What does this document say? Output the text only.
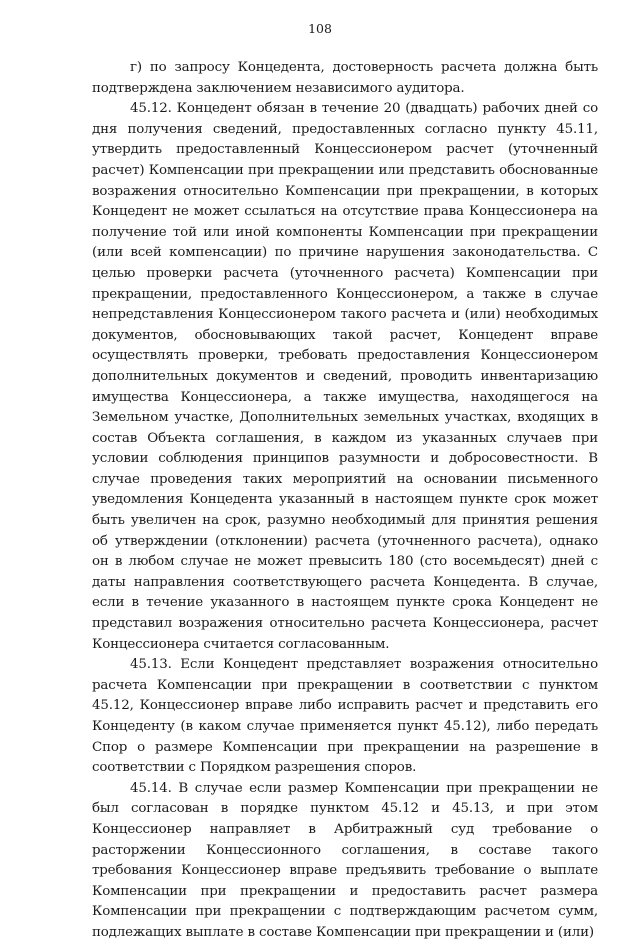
108

г) по запросу Концедента, достоверность расчета должна быть подтверждена заключением независимого аудитора.

45.12. Концедент обязан в течение 20 (двадцать) рабочих дней со дня получения сведений, предоставленных согласно пункту 45.11, утвердить предоставленный Концессионером расчет (уточненный расчет) Компенсации при прекращении или представить обоснованные возражения относительно Компенсации при прекращении, в которых Концедент не может ссылаться на отсутствие права Концессионера на получение той или иной компоненты Компенсации при прекращении (или всей компенсации) по причине нарушения законодательства. С целью проверки расчета (уточненного расчета) Компенсации при прекращении, предоставленного Концессионером, а также в случае непредставления Концессионером такого расчета и (или) необходимых документов, обосновывающих такой расчет, Концедент вправе осуществлять проверки, требовать предоставления Концессионером дополнительных документов и сведений, проводить инвентаризацию имущества Концессионера, а также имущества, находящегося на Земельном участке, Дополнительных земельных участках, входящих в состав Объекта соглашения, в каждом из указанных случаев при условии соблюдения принципов разумности и добросовестности. В случае проведения таких мероприятий на основании письменного уведомления Концедента указанный в настоящем пункте срок может быть увеличен на срок, разумно необходимый для принятия решения об утверждении (отклонении) расчета (уточненного расчета), однако он в любом случае не может превысить 180 (сто восемьдесят) дней с даты направления соответствующего расчета Концедента. В случае, если в течение указанного в настоящем пункте срока Концедент не представил возражения относительно расчета Концессионера, расчет Концессионера считается согласованным.

45.13. Если Концедент представляет возражения относительно расчета Компенсации при прекращении в соответствии с пунктом 45.12, Концессионер вправе либо исправить расчет и представить его Концеденту (в каком случае применяется пункт 45.12), либо передать Спор о размере Компенсации при прекращении на разрешение в соответствии с Порядком разрешения споров.

45.14. В случае если размер Компенсации при прекращении не был согласован в порядке пунктом 45.12 и 45.13, и при этом Концессионер направляет в Арбитражный суд требование о расторжении Концессионного соглашения, в составе такого требования Концессионер вправе предъявить требование о выплате Компенсации при прекращении и предоставить расчет размера Компенсации при прекращении с подтверждающим расчетом сумм, подлежащих выплате в составе Компенсации при прекращении и (или)
